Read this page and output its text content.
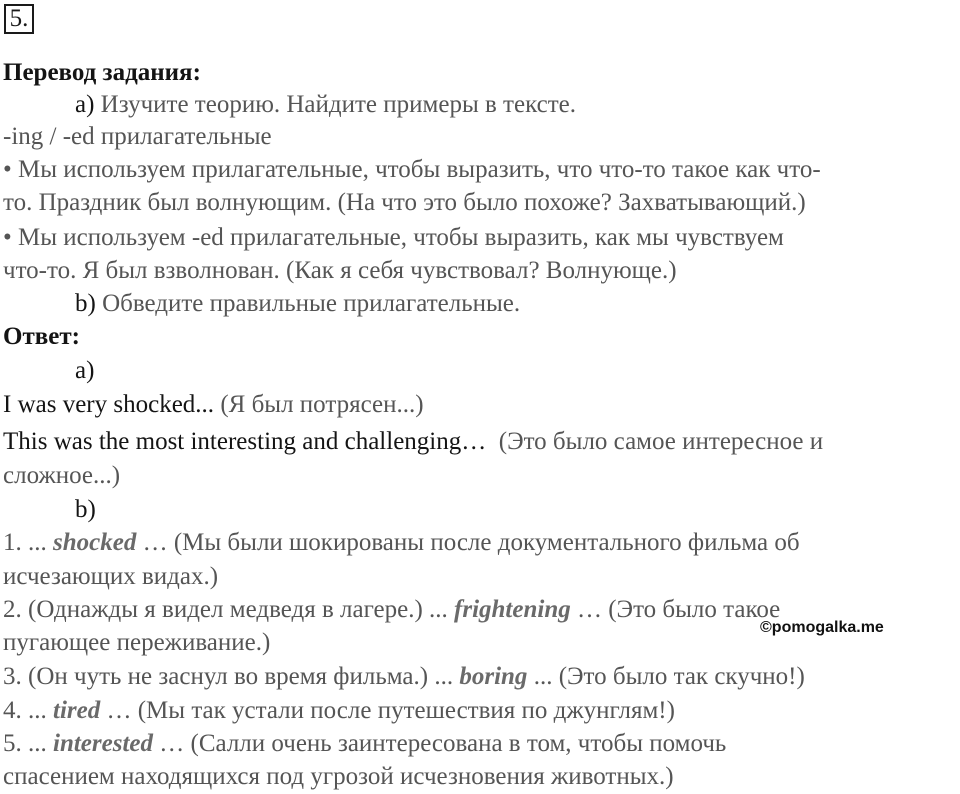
5.
Перевод задания:
a) Изучите теорию. Найдите примеры в тексте.
-ing / -ed прилагательные
• Мы используем прилагательные, чтобы выразить, что что-то такое как что-
то. Праздник был волнующим. (На что это было похоже? Захватывающий.)
• Мы используем -ed прилагательные, чтобы выразить, как мы чувствуем
что-то. Я был взволнован. (Как я себя чувствовал? Волнующе.)
b) Обведите правильные прилагательные.
Ответ:
a)
I was very shocked... (Я был потрясен...)
This was the most interesting and challenging… (Это было самое интересное и
сложное...)
b)
1. ... shocked … (Мы были шокированы после документального фильма об
исчезающих видах.)
2. (Однажды я видел медведя в лагере.) ... frightening … (Это было такое
пугающее переживание.)
3. (Он чуть не заснул во время фильма.) ... boring ... (Это было так скучно!)
4. ... tired … (Мы так устали после путешествия по джунглям!)
5. ... interested … (Салли очень заинтересована в том, чтобы помочь
спасением находящихся под угрозой исчезновения животных.)
©pomogalka.me
